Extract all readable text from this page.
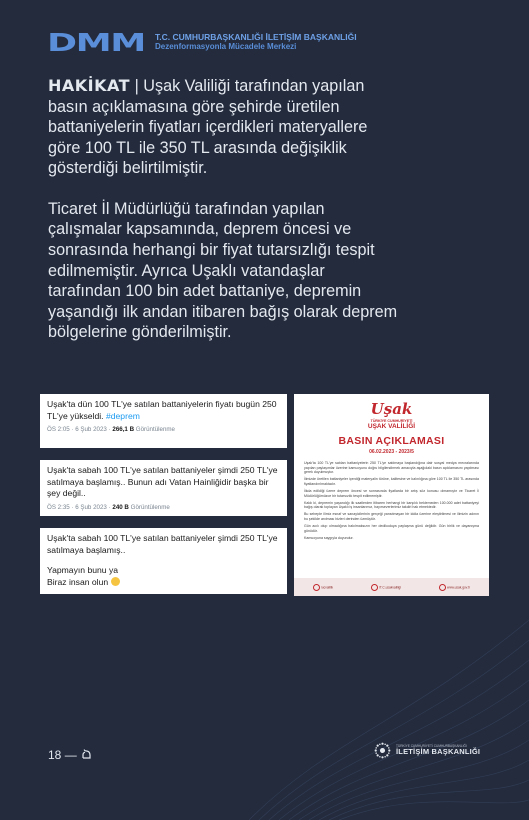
DMM	T.C. CUMHURBAŞKANLIĞI İLETİŞİM BAŞKANLIĞI
Dezenformasyonla Mücadele Merkezi

HAKİKAT | Uşak Valiliği tarafından yapılan basın açıklamasına göre şehirde üretilen battaniyelerin fiyatları içerdikleri materyallere göre 100 TL ile 350 TL arasında değişiklik gösterdiği belirtilmiştir.

Ticaret İl Müdürlüğü tarafından yapılan çalışmalar kapsamında, deprem öncesi ve sonrasında herhangi bir fiyat tutarsızlığı tespit edilmemiştir. Ayrıca Uşaklı vatandaşlar tarafından 100 bin adet battaniye, depremin yaşandığı ilk andan itibaren bağış olarak deprem bölgelerine gönderilmiştir.

Uşak'ta dün 100 TL'ye satılan battaniyelerin fiyatı bugün 250 TL'ye yükseldi. #deprem
ÖS 2:05 · 6 Şub 2023 · 266,1 B Görüntülenme
Uşak'ta sabah 100 TL'ye satılan battaniyeler şimdi 250 TL'ye satılmaya başlamış.. Bunun adı Vatan Hainliğidir başka bir şey değil..
ÖS 2:35 · 6 Şub 2023 · 240 B Görüntülenme
Uşak'ta sabah 100 TL'ye satılan battaniyeler şimdi 250 TL'ye satılmaya başlamış..
Yapmayın bunu ya
Biraz insan olun
Uşak
TÜRKİYE CUMHURİYETİ
UŞAK VALİLİĞİ
BASIN AÇIKLAMASI
06.02.2023 - 2023/5
Uşak'ta 100 TL'ye satılan battaniyelerin 250 TL'ye satılmaya başlandığına dair sosyal medya mecralarında yapılan paylaşımlar üzerine kamuoyunu doğru bilgilendirmek amacıyla aşağıdaki basın açıklamasını yapılması gerek duyulmuştur.
İlimizde üretilen battaniyeler içerdiği materyalin türüne, kalitesine ve kalınlığına göre 100 TL ile 350 TL arasında fiyatlandırılmaktadır.
İlkda edildiği üzere deprem öncesi ve sonrasında fiyatlarda bir artış söz konusu olmamıştır ve Ticaret İl Müdürlüğümüzce bir tutarsızlık tespit edilmemiştir.
Kaldı ki, depremin yaşandığı ilk saatlerden itibaren herhangi bir karşılık beklemeden 100.000 adet battaniyeyi bağış olarak toplayan Uşaklı iş insanlarımız, hayırseverlerimiz takdiri hak etmektedir.
Bu sebeple ilimiz esnaf ve sanayicilerinin gerçeği yansıtmayan bir iddia üzerine eleştirilmesi ve ilimizin adının bu şekilde anılması bizleri derinden üzmüştür.
Gün acılı olup olmadığına bakılmaksızın her dedikoduya paylaşma günü değildir. Gün birlik ve dayanışma günüdür.
Kamuoyuna saygıyla duyurulur.
/ucvalilik	/T.C.usakvaliligi	www.usak.gov.tr
18 —
TÜRKİYE CUMHURİYETİ CUMHURBAŞKANLIĞI
İLETİŞİM BAŞKANLIĞI
